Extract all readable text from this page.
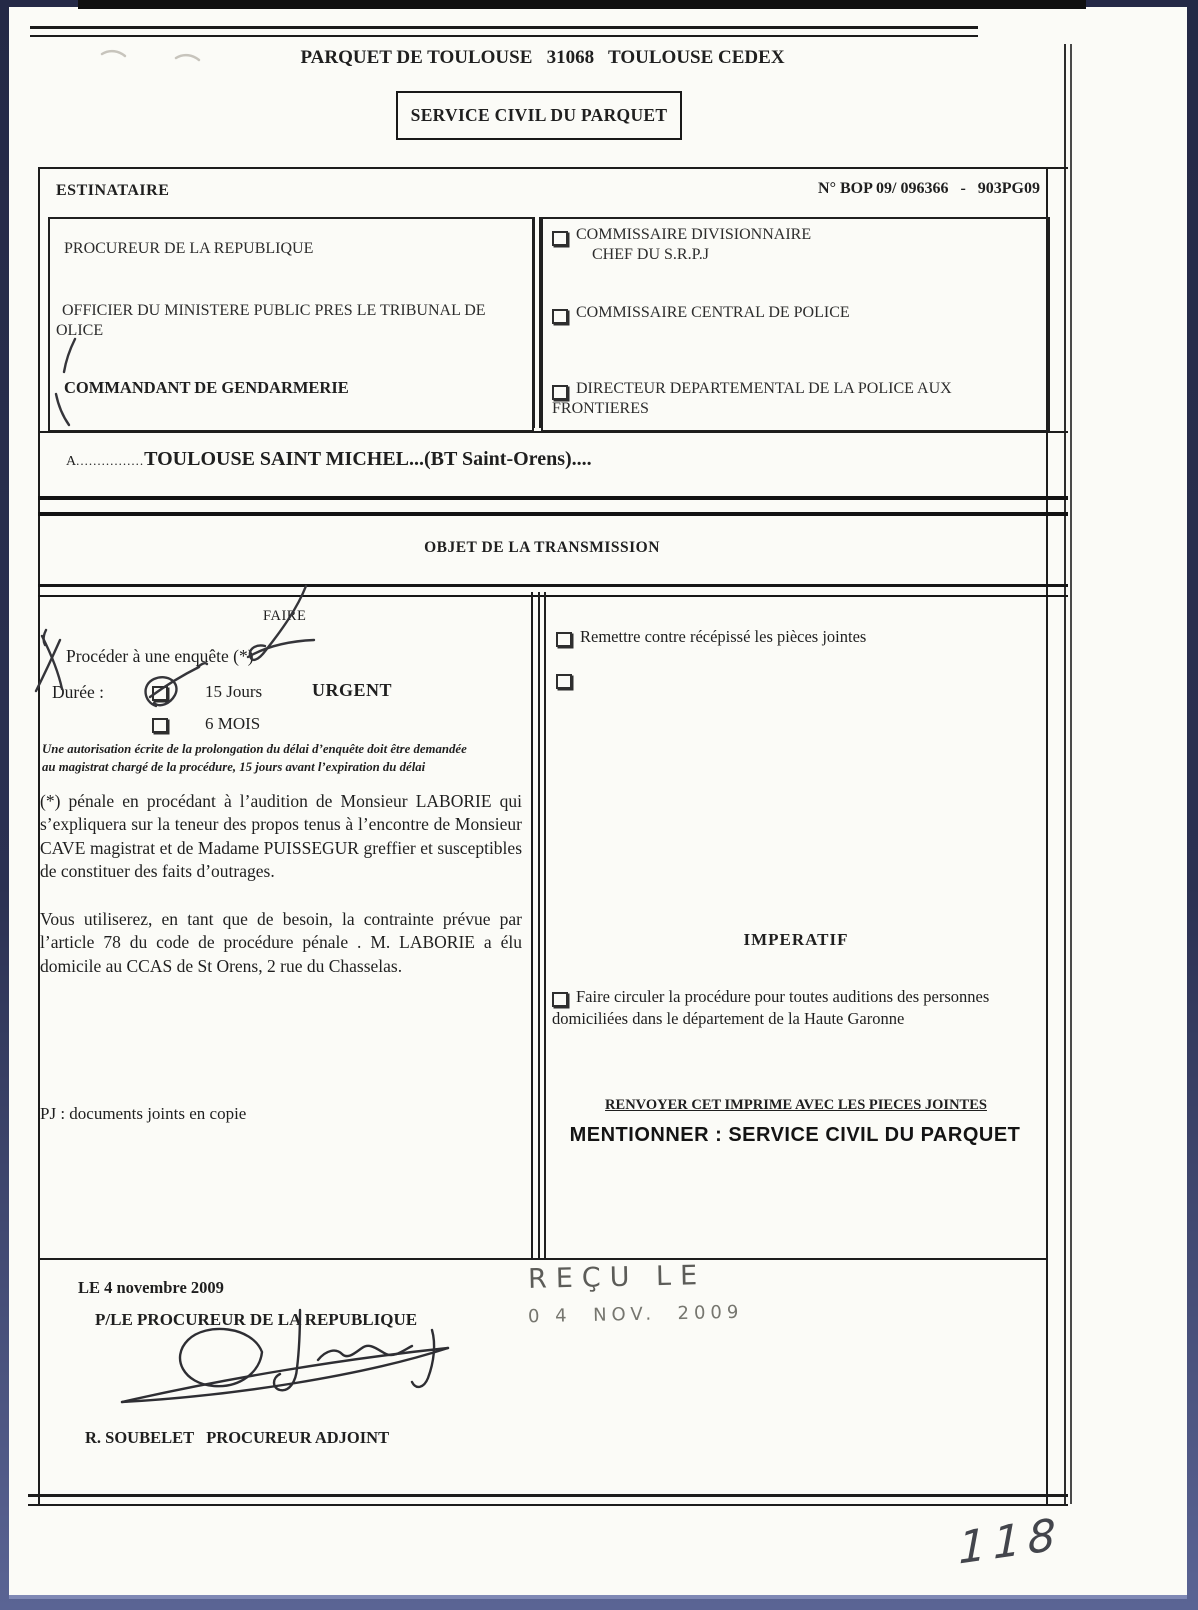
PARQUET DE TOULOUSE   31068   TOULOUSE CEDEX
SERVICE CIVIL DU PARQUET
ESTINATAIRE	N° BOP 09/ 096366   -   903PG09
PROCUREUR DE LA REPUBLIQUE
OFFICIER DU MINISTERE PUBLIC PRES LE TRIBUNAL DE
OLICE
COMMANDANT DE GENDARMERIE
COMMISSAIRE DIVISIONNAIRE
CHEF DU S.R.P.J
COMMISSAIRE CENTRAL DE POLICE
DIRECTEUR DEPARTEMENTAL DE LA POLICE AUX
FRONTIERES
A ................ TOULOUSE SAINT MICHEL...(BT Saint-Orens)....
OBJET DE LA TRANSMISSION
FAIRE
Procéder à une enquête (*)
Durée :	15 Jours	URGENT
6 MOIS
Une autorisation écrite de la prolongation du délai d’enquête doit être demandée
au magistrat chargé de la procédure, 15 jours avant l’expiration du délai
(*) pénale en procédant à l’audition de Monsieur LABORIE qui s’expliquera sur la teneur des propos tenus à l’encontre de Monsieur CAVE magistrat et de Madame PUISSEGUR greffier et susceptibles de constituer des faits d’outrages.
Vous utiliserez, en tant que de besoin, la contrainte prévue par l’article 78 du code de procédure pénale . M. LABORIE a élu domicile au CCAS de St Orens, 2 rue du Chasselas.
PJ : documents joints en copie
Remettre contre récépissé les pièces jointes
IMPERATIF
Faire circuler la procédure pour toutes auditions des personnes
domiciliées dans le département de la Haute Garonne
RENVOYER CET IMPRIME AVEC LES PIECES JOINTES
MENTIONNER : SERVICE CIVIL DU PARQUET
LE 4 novembre 2009
P/LE PROCUREUR DE LA REPUBLIQUE
R. SOUBELET   PROCUREUR ADJOINT
REÇU LE
0 4  NOV.  2009
118
